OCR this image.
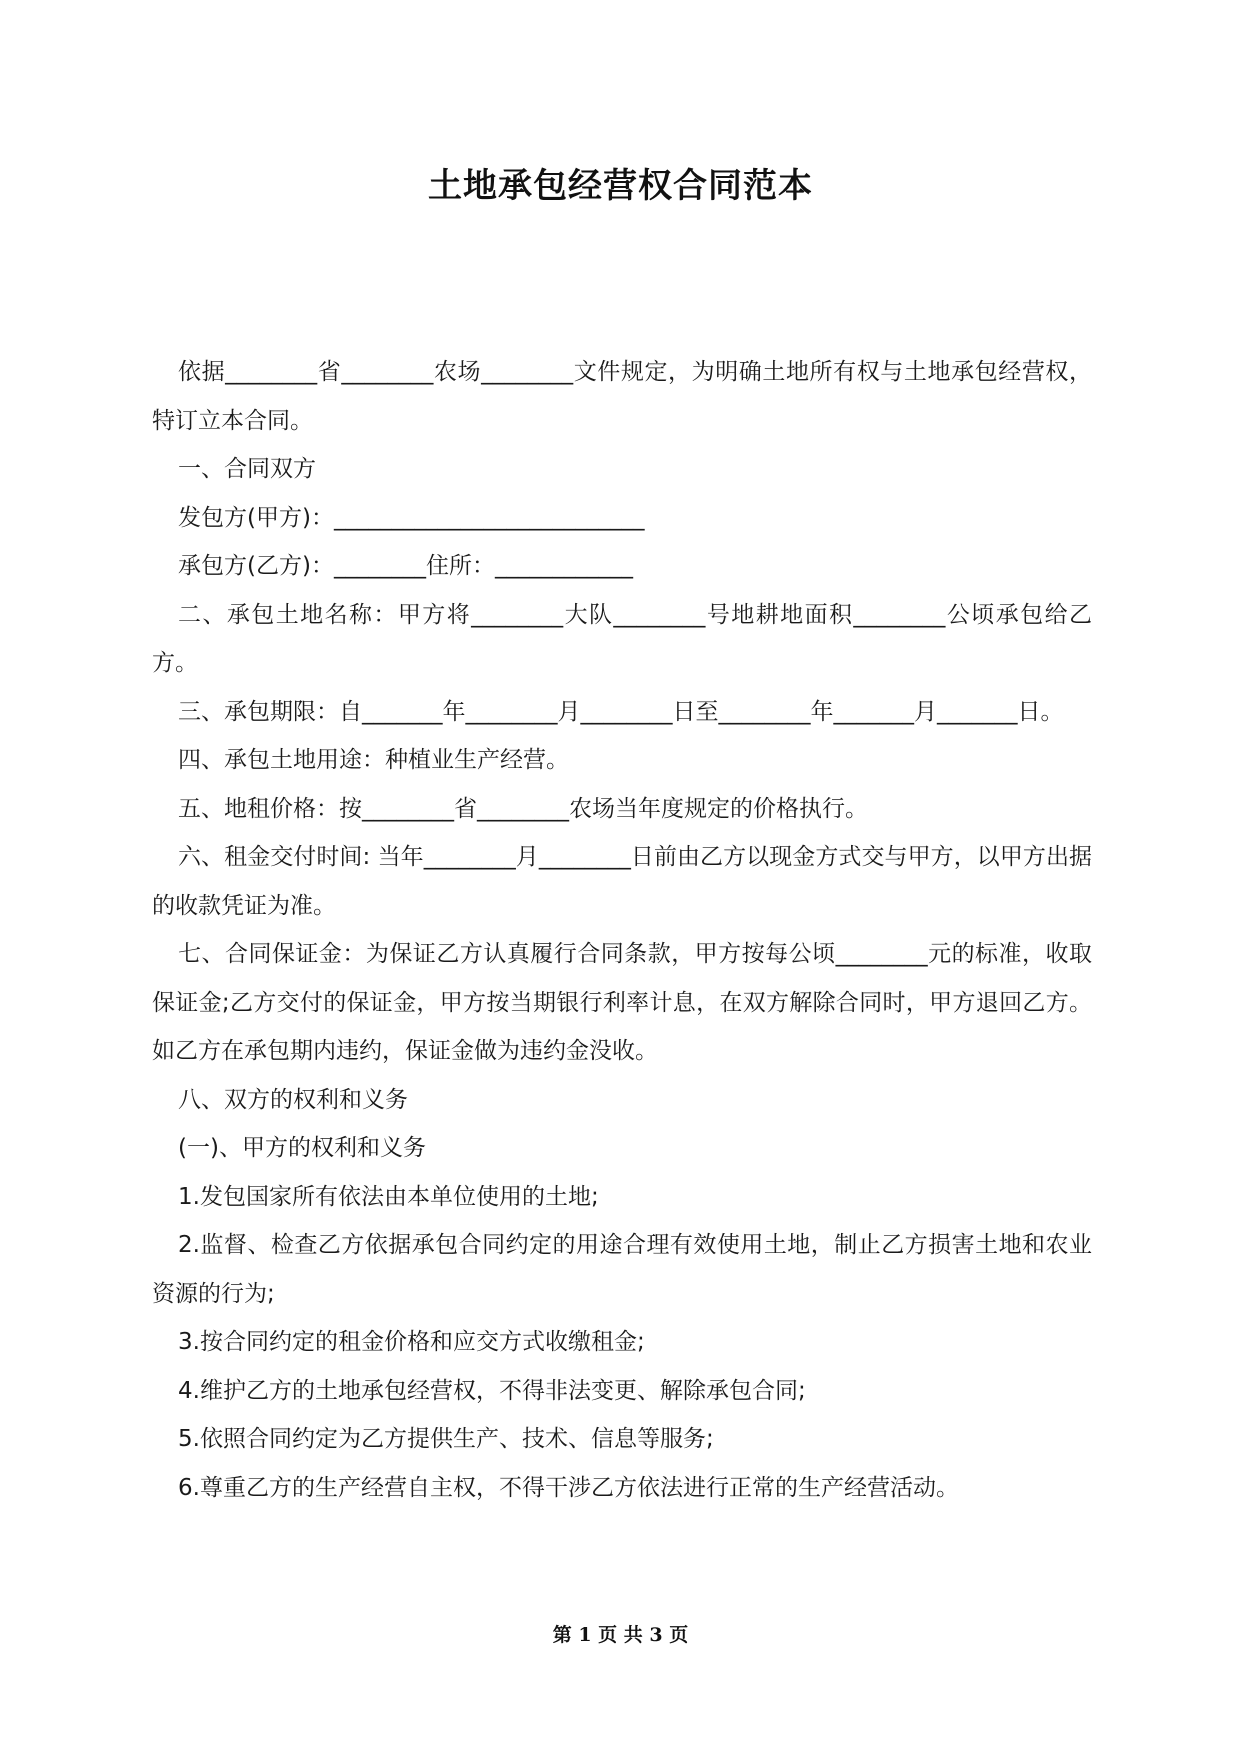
土地承包经营权合同范本

依据________省________农场________文件规定，为明确土地所有权与土地承包经营权，特订立本合同。

一、合同双方

发包方(甲方)：___________________________

承包方(乙方)：________住所：____________

二、承包土地名称：甲方将________大队________号地耕地面积________公顷承包给乙方。

三、承包期限：自_______年________月________日至________年_______月_______日。

四、承包土地用途：种植业生产经营。

五、地租价格：按________省________农场当年度规定的价格执行。

六、租金交付时间: 当年________月________日前由乙方以现金方式交与甲方，以甲方出据的收款凭证为准。

七、合同保证金：为保证乙方认真履行合同条款，甲方按每公顷________元的标准，收取保证金;乙方交付的保证金，甲方按当期银行利率计息，在双方解除合同时，甲方退回乙方。如乙方在承包期内违约，保证金做为违约金没收。

八、双方的权利和义务

(一)、甲方的权利和义务

1.发包国家所有依法由本单位使用的土地;

2.监督、检查乙方依据承包合同约定的用途合理有效使用土地，制止乙方损害土地和农业资源的行为;

3.按合同约定的租金价格和应交方式收缴租金;

4.维护乙方的土地承包经营权，不得非法变更、解除承包合同;

5.依照合同约定为乙方提供生产、技术、信息等服务;

6.尊重乙方的生产经营自主权，不得干涉乙方依法进行正常的生产经营活动。

第 1 页 共 3 页
